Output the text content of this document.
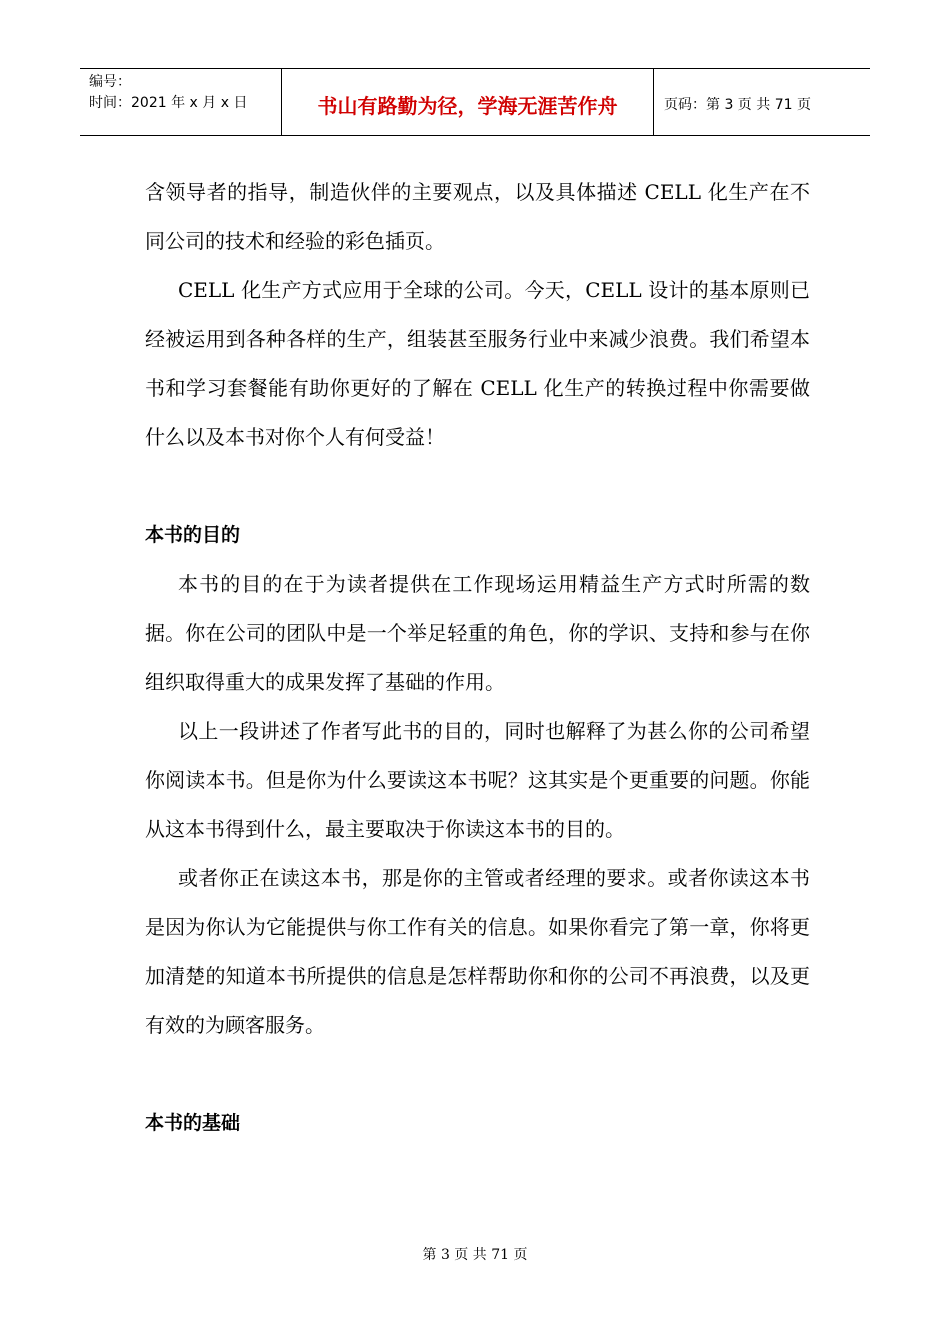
编号：
时间：2021 年 x 月 x 日	书山有路勤为径，学海无涯苦作舟	页码：第 3 页 共 71 页

含领导者的指导，制造伙伴的主要观点，以及具体描述 CELL 化生产在不同公司的技术和经验的彩色插页。

CELL 化生产方式应用于全球的公司。今天，CELL 设计的基本原则已经被运用到各种各样的生产，组装甚至服务行业中来减少浪费。我们希望本书和学习套餐能有助你更好的了解在 CELL 化生产的转换过程中你需要做什么以及本书对你个人有何受益！

本书的目的

本书的目的在于为读者提供在工作现场运用精益生产方式时所需的数据。你在公司的团队中是一个举足轻重的角色，你的学识、支持和参与在你组织取得重大的成果发挥了基础的作用。

以上一段讲述了作者写此书的目的，同时也解释了为甚么你的公司希望你阅读本书。但是你为什么要读这本书呢？这其实是个更重要的问题。你能从这本书得到什么，最主要取决于你读这本书的目的。

或者你正在读这本书，那是你的主管或者经理的要求。或者你读这本书是因为你认为它能提供与你工作有关的信息。如果你看完了第一章，你将更加清楚的知道本书所提供的信息是怎样帮助你和你的公司不再浪费，以及更有效的为顾客服务。

本书的基础

第 3 页 共 71 页
